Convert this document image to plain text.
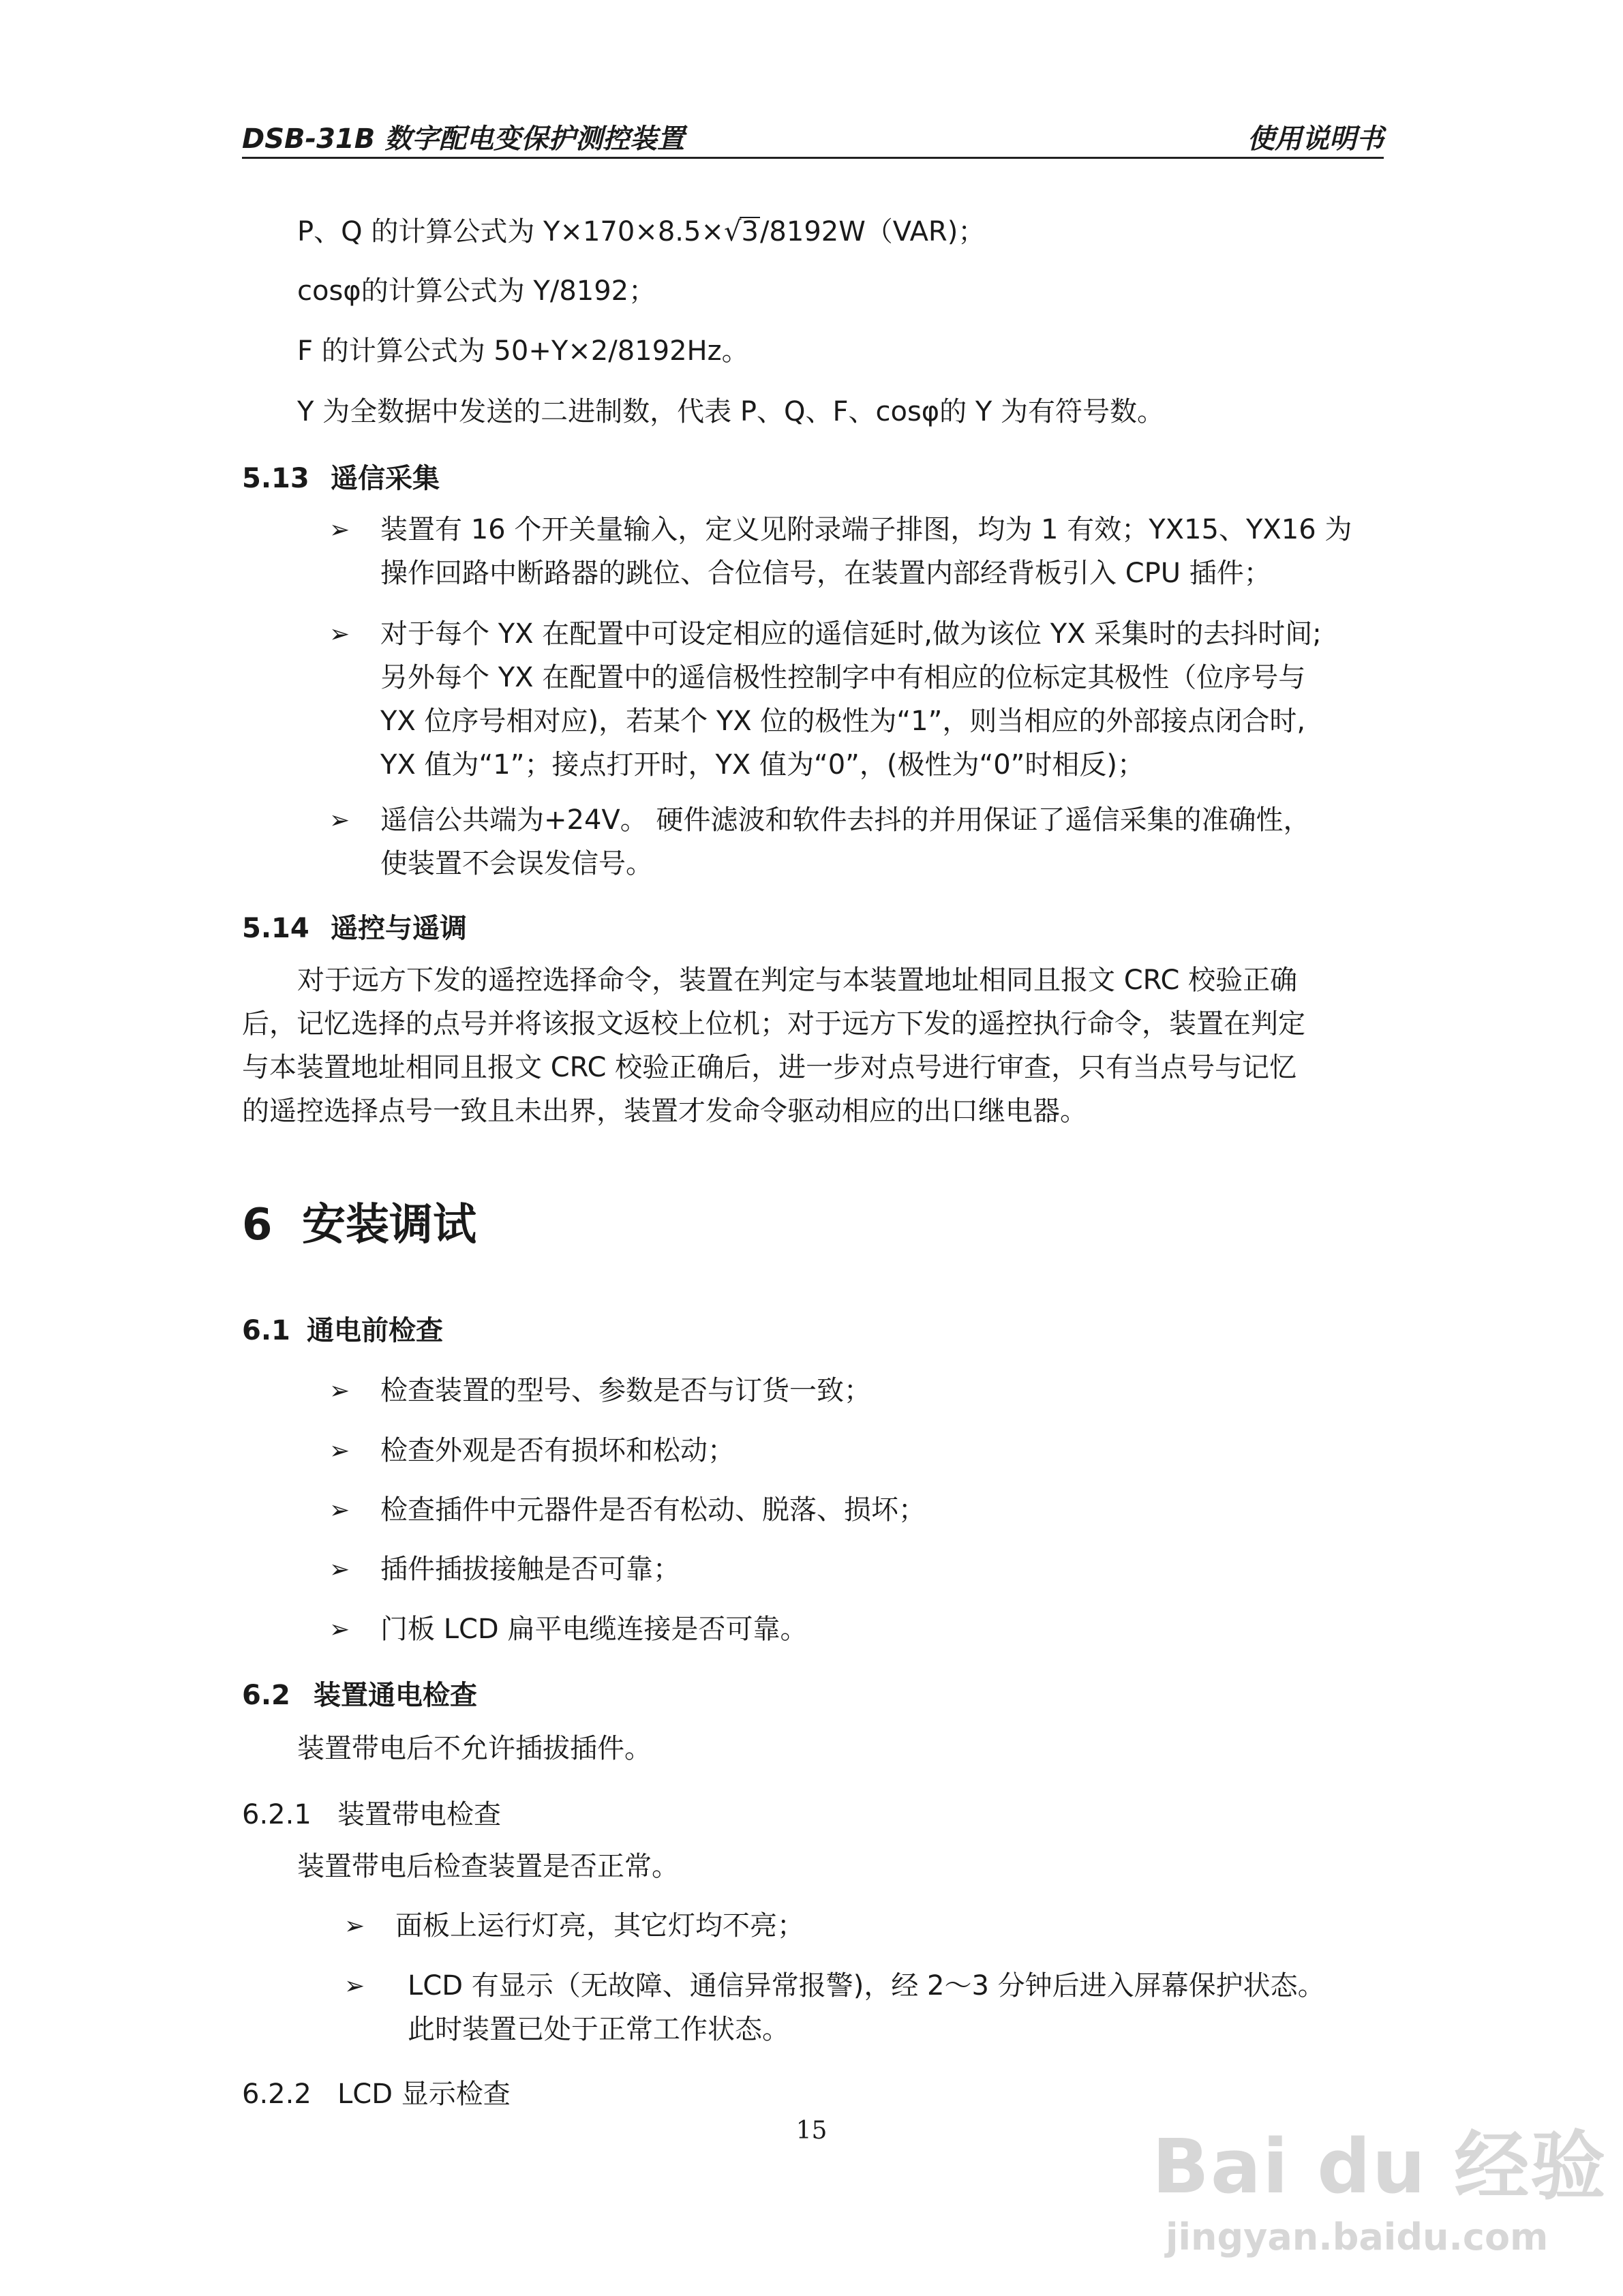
DSB-31B 数字配电变保护测控装置	使用说明书
P、Q 的计算公式为 Y×170×8.5×√3/8192W（VAR)；
cosφ的计算公式为 Y/8192；
F 的计算公式为 50+Y×2/8192Hz。
Y 为全数据中发送的二进制数，代表 P、Q、F、cosφ的 Y 为有符号数。
5.13 遥信采集
➢ 装置有 16 个开关量输入，定义见附录端子排图，均为 1 有效；YX15、YX16 为
操作回路中断路器的跳位、合位信号，在装置内部经背板引入 CPU 插件；
➢ 对于每个 YX 在配置中可设定相应的遥信延时,做为该位 YX 采集时的去抖时间;
另外每个 YX 在配置中的遥信极性控制字中有相应的位标定其极性（位序号与
YX 位序号相对应)，若某个 YX 位的极性为“1”，则当相应的外部接点闭合时,
YX 值为“1”；接点打开时，YX 值为“0”，(极性为“0”时相反)；
➢ 遥信公共端为+24V。 硬件滤波和软件去抖的并用保证了遥信采集的准确性，
使装置不会误发信号。
5.14 遥控与遥调
对于远方下发的遥控选择命令，装置在判定与本装置地址相同且报文 CRC 校验正确
后，记忆选择的点号并将该报文返校上位机；对于远方下发的遥控执行命令，装置在判定
与本装置地址相同且报文 CRC 校验正确后，进一步对点号进行审查，只有当点号与记忆
的遥控选择点号一致且未出界，装置才发命令驱动相应的出口继电器。
6 安装调试
6.1 通电前检查
➢ 检查装置的型号、参数是否与订货一致；
➢ 检查外观是否有损坏和松动；
➢ 检查插件中元器件是否有松动、脱落、损坏；
➢ 插件插拔接触是否可靠；
➢ 门板 LCD 扁平电缆连接是否可靠。
6.2 装置通电检查
装置带电后不允许插拔插件。
6.2.1 装置带电检查
装置带电后检查装置是否正常。
➢ 面板上运行灯亮，其它灯均不亮；
➢ LCD 有显示（无故障、通信异常报警)，经 2～3 分钟后进入屏幕保护状态。
此时装置已处于正常工作状态。
6.2.2 LCD 显示检查
15	Bai du 经验
jingyan.baidu.com
